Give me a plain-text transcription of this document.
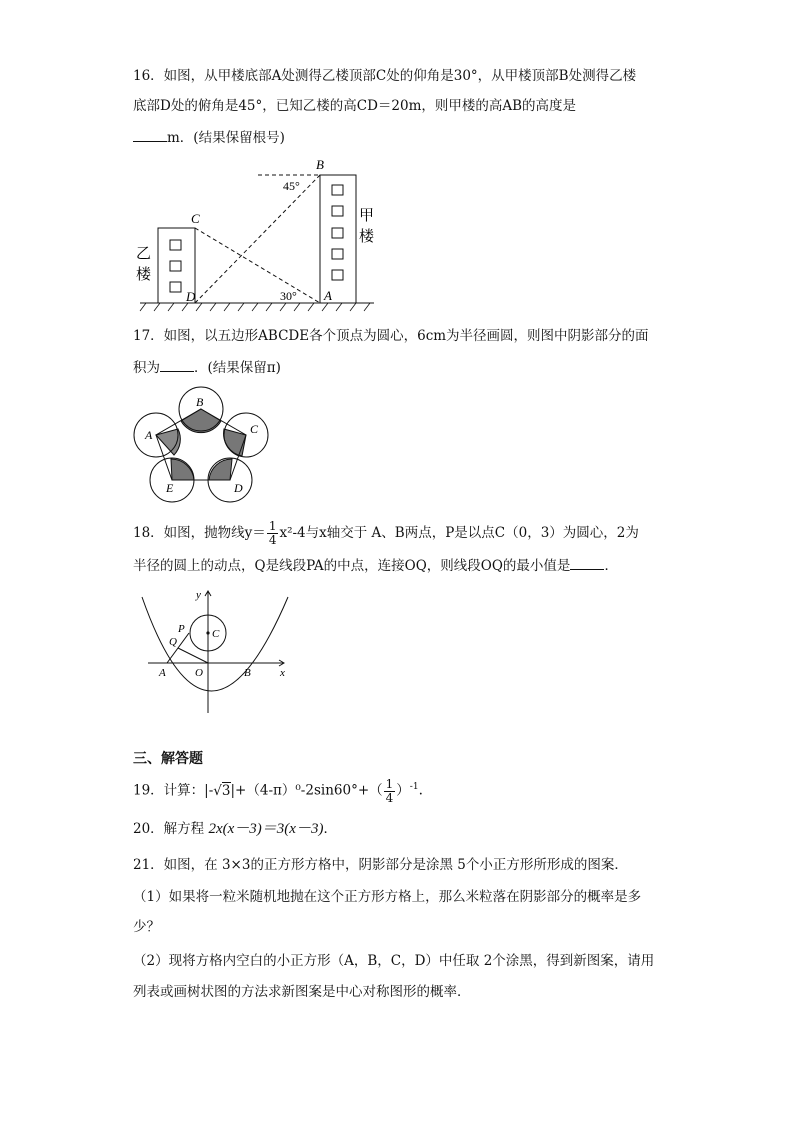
16．如图，从甲楼底部A处测得乙楼顶部C处的仰角是30°，从甲楼顶部B处测得乙楼
底部D处的俯角是45°，已知乙楼的高CD＝20m，则甲楼的高AB的高度是
m．(结果保留根号)
B
45°
C
D	A
30°
乙
楼
甲
楼
17．如图，以五边形ABCDE各个顶点为圆心，6cm为半径画圆，则图中阴影部分的面
积为	．(结果保留π)
B
A	C
E	D
18．如图，抛物线$y= \frac{1}{4} x^2-4$与x轴交于 A、B两点，P是以点C（0，3）为圆心，2为
半径的圆上的动点，Q是线段PA的中点，连接OQ，则线段OQ的最小值是	．
y
x
P
Q
C
A	O	B
三、解答题
19．计算：$|-√3|+(4-\pi)^0-2\sin 60^\circ+( \frac{1}{4} )^{-1}$.
20．解方程 2x(x－3)＝3(x－3)．
21．如图，在 3×3的正方形方格中，阴影部分是涂黑 5个小正方形所形成的图案．
（1）如果将一粒米随机地抛在这个正方形方格上，那么米粒落在阴影部分的概率是多
少？
（2）现将方格内空白的小正方形（A，B，C，D）中任取 2个涂黑，得到新图案，请用
列表或画树状图的方法求新图案是中心对称图形的概率．
